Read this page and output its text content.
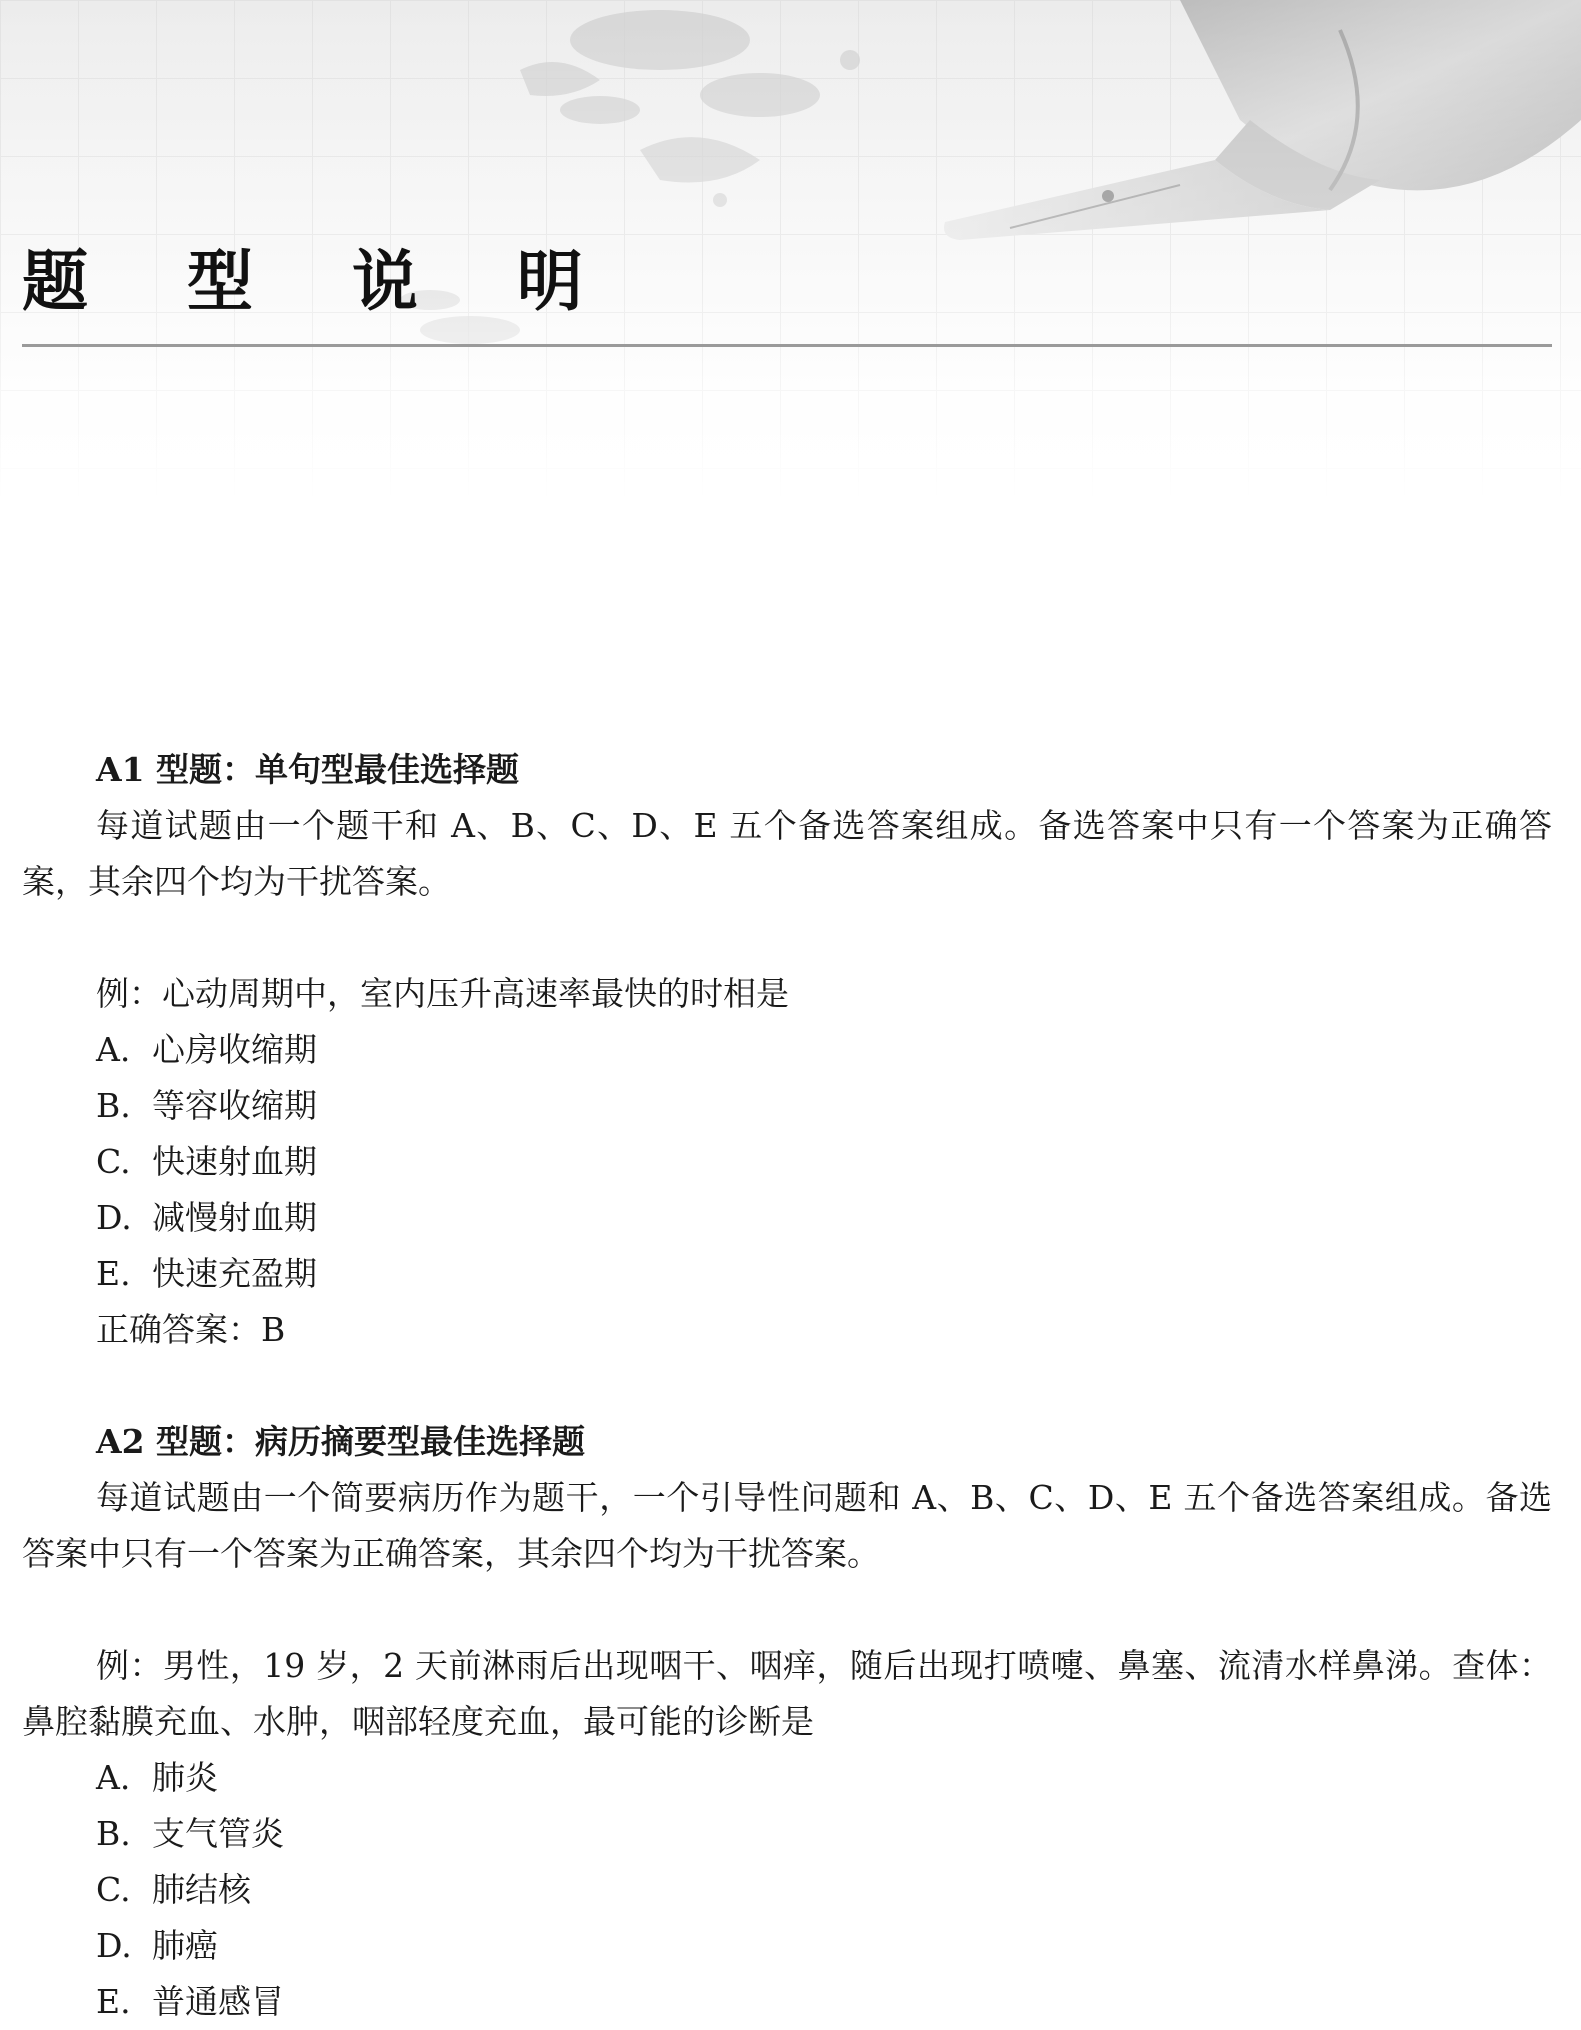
题 型 说 明

A1 型题：单句型最佳选择题

每道试题由一个题干和 A、B、C、D、E 五个备选答案组成。备选答案中只有一个答案为正确答案，其余四个均为干扰答案。

例：心动周期中，室内压升高速率最快的时相是

A. 心房收缩期

B. 等容收缩期

C. 快速射血期

D. 减慢射血期

E. 快速充盈期

正确答案：B

A2 型题：病历摘要型最佳选择题

每道试题由一个简要病历作为题干，一个引导性问题和 A、B、C、D、E 五个备选答案组成。备选答案中只有一个答案为正确答案，其余四个均为干扰答案。

例：男性，19 岁，2 天前淋雨后出现咽干、咽痒，随后出现打喷嚏、鼻塞、流清水样鼻涕。查体：鼻腔黏膜充血、水肿，咽部轻度充血，最可能的诊断是

A. 肺炎

B. 支气管炎

C. 肺结核

D. 肺癌

E. 普通感冒
